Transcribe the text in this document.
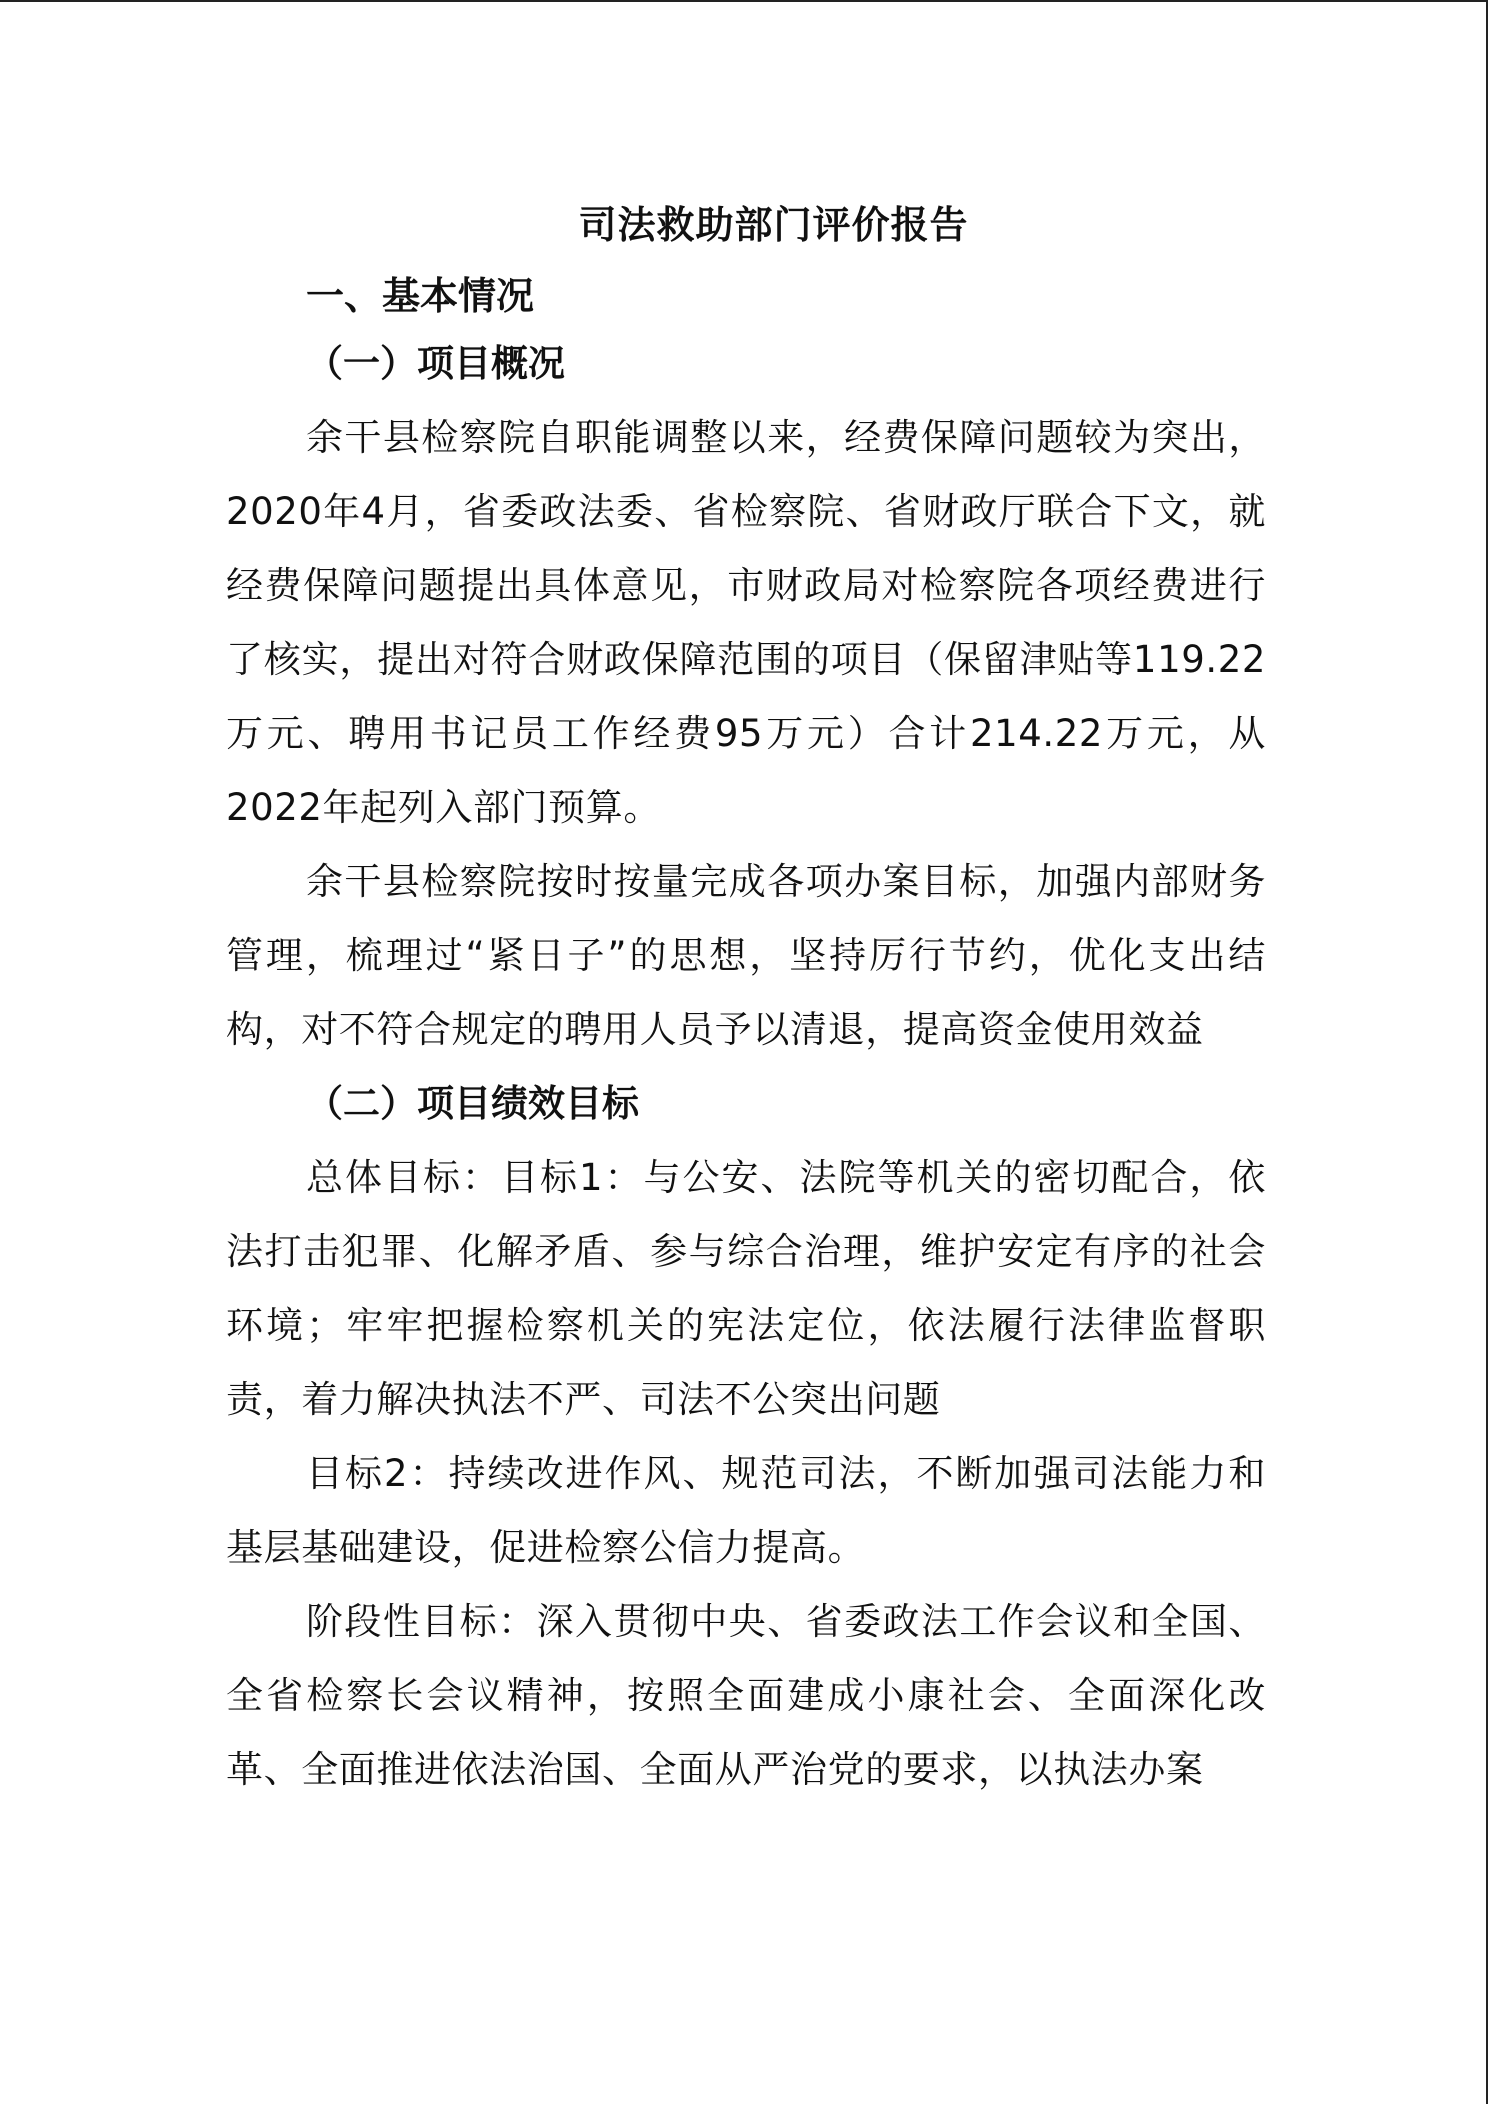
司法救助部门评价报告
一、基本情况
（一）项目概况

余干县检察院自职能调整以来，经费保障问题较为突出，2020年4月，省委政法委、省检察院、省财政厅联合下文，就经费保障问题提出具体意见，市财政局对检察院各项经费进行了核实，提出对符合财政保障范围的项目（保留津贴等119.22万元、聘用书记员工作经费95万元）合计214.22万元，从2022年起列入部门预算。

余干县检察院按时按量完成各项办案目标，加强内部财务管理，梳理过“紧日子”的思想，坚持厉行节约，优化支出结构，对不符合规定的聘用人员予以清退，提高资金使用效益

（二）项目绩效目标

总体目标：目标1：与公安、法院等机关的密切配合，依法打击犯罪、化解矛盾、参与综合治理，维护安定有序的社会环境；牢牢把握检察机关的宪法定位，依法履行法律监督职责，着力解决执法不严、司法不公突出问题

目标2：持续改进作风、规范司法，不断加强司法能力和基层基础建设，促进检察公信力提高。

阶段性目标：深入贯彻中央、省委政法工作会议和全国、全省检察长会议精神，按照全面建成小康社会、全面深化改革、全面推进依法治国、全面从严治党的要求，以执法办案
